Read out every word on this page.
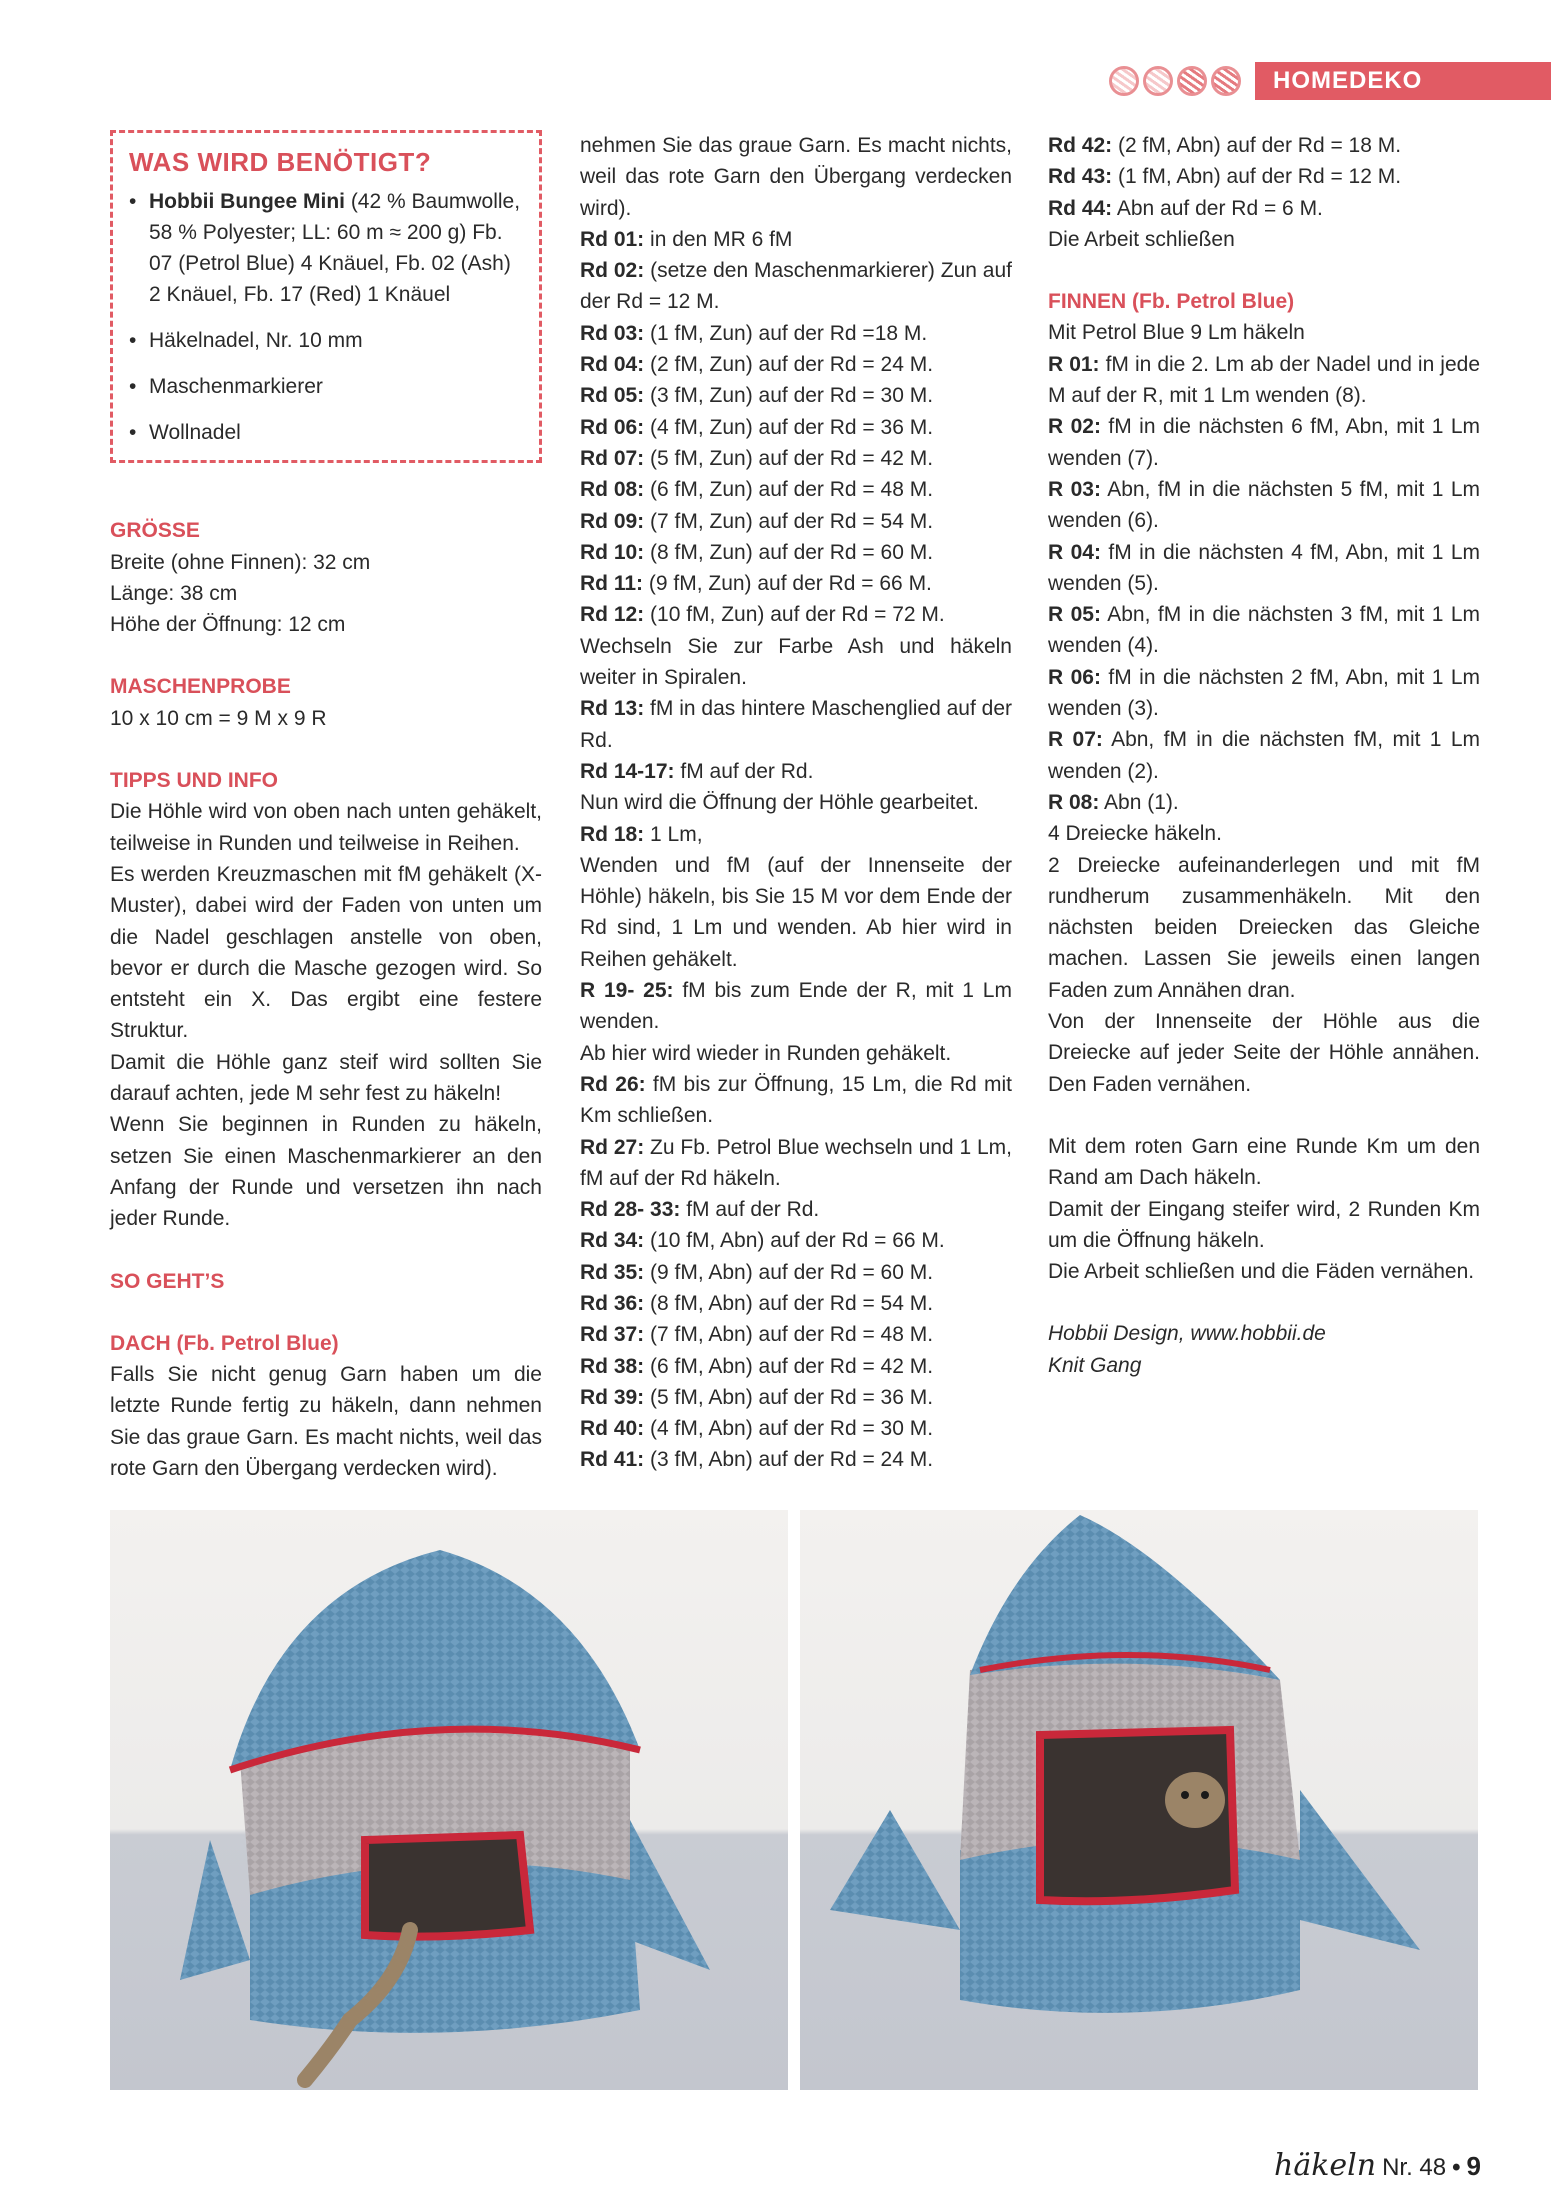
HOMEDEKO
WAS WIRD BENÖTIGT?
• Hobbii Bungee Mini (42 % Baumwolle, 58 % Polyester; LL: 60 m ≈ 200 g) Fb. 07 (Petrol Blue) 4 Knäuel, Fb. 02 (Ash) 2 Knäuel, Fb. 17 (Red) 1 Knäuel
• Häkelnadel, Nr. 10 mm
• Maschenmarkierer
• Wollnadel

GRÖSSE

Breite (ohne Finnen): 32 cm

Länge: 38 cm

Höhe der Öffnung: 12 cm

MASCHENPROBE

10 x 10 cm = 9 M x 9 R

TIPPS UND INFO

Die Höhle wird von oben nach unten gehäkelt, teilweise in Runden und teilweise in Reihen.

Es werden Kreuzmaschen mit fM gehäkelt (X-Muster), dabei wird der Faden von unten um die Nadel geschlagen anstelle von oben, bevor er durch die Masche gezogen wird. So entsteht ein X. Das ergibt eine festere Struktur.

Damit die Höhle ganz steif wird sollten Sie darauf achten, jede M sehr fest zu häkeln!

Wenn Sie beginnen in Runden zu häkeln, setzen Sie einen Maschenmarkierer an den Anfang der Runde und versetzen ihn nach jeder Runde.

SO GEHT’S

DACH (Fb. Petrol Blue)

Falls Sie nicht genug Garn haben um die letzte Runde fertig zu häkeln, dann nehmen Sie das graue Garn. Es macht nichts, weil das rote Garn den Übergang verdecken wird).

nehmen Sie das graue Garn. Es macht nichts, weil das rote Garn den Übergang verdecken wird).

Rd 01: in den MR 6 fM

Rd 02: (setze den Maschenmarkierer) Zun auf der Rd = 12 M.

Rd 03: (1 fM, Zun) auf der Rd =18 M.

Rd 04: (2 fM, Zun) auf der Rd = 24 M.

Rd 05: (3 fM, Zun) auf der Rd = 30 M.

Rd 06: (4 fM, Zun) auf der Rd = 36 M.

Rd 07: (5 fM, Zun) auf der Rd = 42 M.

Rd 08: (6 fM, Zun) auf der Rd = 48 M.

Rd 09: (7 fM, Zun) auf der Rd = 54 M.

Rd 10: (8 fM, Zun) auf der Rd = 60 M.

Rd 11: (9 fM, Zun) auf der Rd = 66 M.

Rd 12: (10 fM, Zun) auf der Rd = 72 M.

Wechseln Sie zur Farbe Ash und häkeln weiter in Spiralen.

Rd 13: fM in das hintere Maschenglied auf der Rd.

Rd 14-17: fM auf der Rd.

Nun wird die Öffnung der Höhle gearbeitet.

Rd 18: 1 Lm,

Wenden und fM (auf der Innenseite der Höhle) häkeln, bis Sie 15 M vor dem Ende der Rd sind, 1 Lm und wenden. Ab hier wird in Reihen gehäkelt.

R 19- 25: fM bis zum Ende der R, mit 1 Lm wenden.

Ab hier wird wieder in Runden gehäkelt.

Rd 26: fM bis zur Öffnung, 15 Lm, die Rd mit Km schließen.

Rd 27: Zu Fb. Petrol Blue wechseln und 1 Lm, fM auf der Rd häkeln.

Rd 28- 33: fM auf der Rd.

Rd 34: (10 fM, Abn) auf der Rd = 66 M.

Rd 35: (9 fM, Abn) auf der Rd = 60 M.

Rd 36: (8 fM, Abn) auf der Rd = 54 M.

Rd 37: (7 fM, Abn) auf der Rd = 48 M.

Rd 38: (6 fM, Abn) auf der Rd = 42 M.

Rd 39: (5 fM, Abn) auf der Rd = 36 M.

Rd 40: (4 fM, Abn) auf der Rd = 30 M.

Rd 41: (3 fM, Abn) auf der Rd = 24 M.

Rd 42: (2 fM, Abn) auf der Rd = 18 M.

Rd 43: (1 fM, Abn) auf der Rd = 12 M.

Rd 44: Abn auf der Rd = 6 M.

Die Arbeit schließen

FINNEN (Fb. Petrol Blue)

Mit Petrol Blue 9 Lm häkeln

R 01: fM in die 2. Lm ab der Nadel und in jede M auf der R, mit 1 Lm wenden (8).

R 02: fM in die nächsten 6 fM, Abn, mit 1 Lm wenden (7).

R 03: Abn, fM in die nächsten 5 fM, mit 1 Lm wenden (6).

R 04: fM in die nächsten 4 fM, Abn, mit 1 Lm wenden (5).

R 05: Abn, fM in die nächsten 3 fM, mit 1 Lm wenden (4).

R 06: fM in die nächsten 2 fM, Abn, mit 1 Lm wenden (3).

R 07: Abn, fM in die nächsten fM, mit 1 Lm wenden (2).

R 08: Abn (1).

4 Dreiecke häkeln.

2 Dreiecke aufeinanderlegen und mit fM rundherum zusammenhäkeln. Mit den nächsten beiden Dreiecken das Gleiche machen. Lassen Sie jeweils einen langen Faden zum Annähen dran.

Von der Innenseite der Höhle aus die Dreiecke auf jeder Seite der Höhle annähen. Den Faden vernähen.

Mit dem roten Garn eine Runde Km um den Rand am Dach häkeln.

Damit der Eingang steifer wird, 2 Runden Km um die Öffnung häkeln.

Die Arbeit schließen und die Fäden vernähen.

Hobbii Design, www.hobbii.de

Knit Gang

häkeln Nr. 48 • 9
